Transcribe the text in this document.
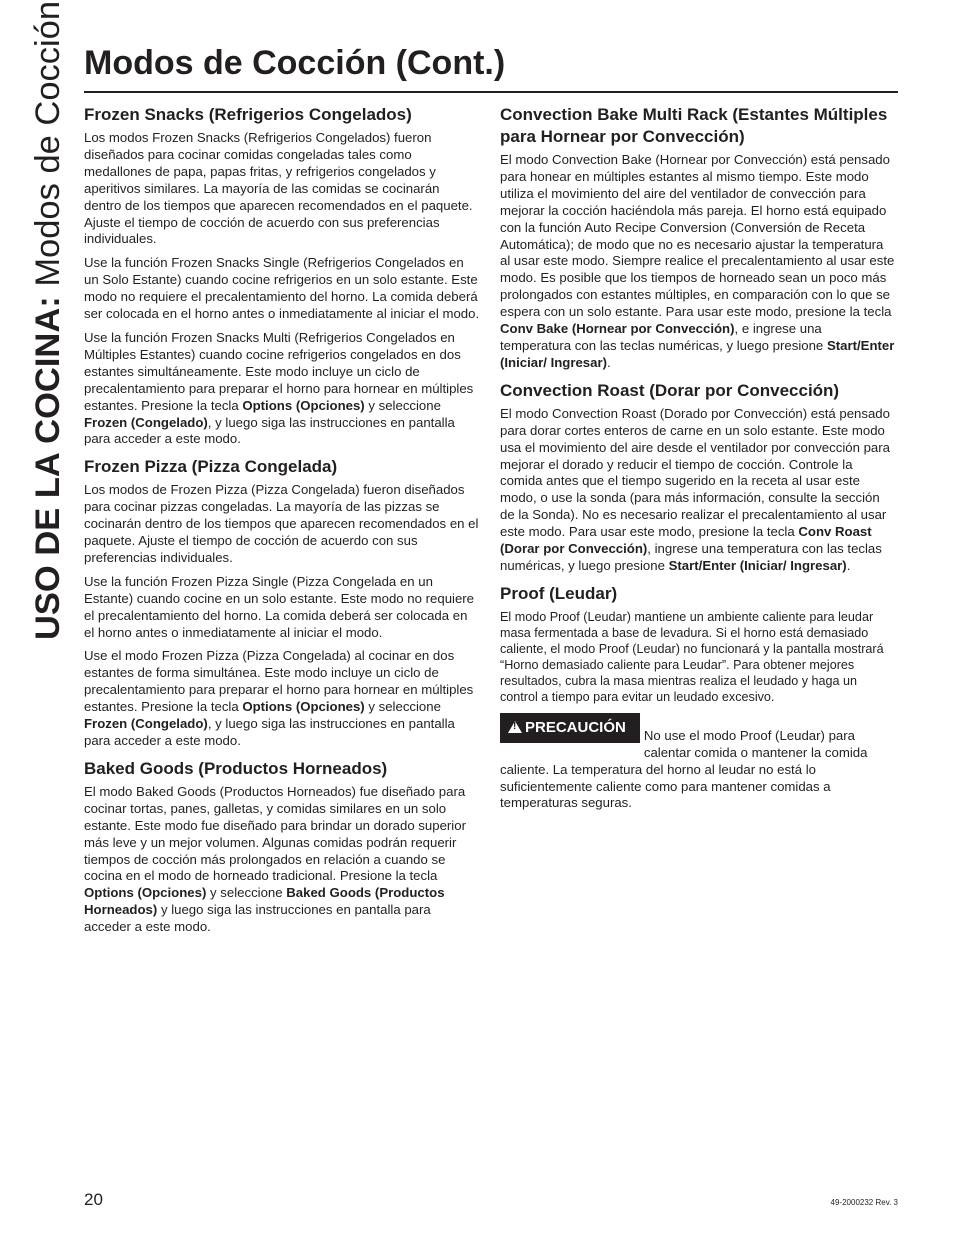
USO DE LA COCINA: Modos de Cocción Modos de Cocción (Cont.)
Frozen Snacks (Refrigerios Congelados)

Los modos Frozen Snacks (Refrigerios Congelados) fueron diseñados para cocinar comidas congeladas tales como medallones de papa, papas fritas, y refrigerios congelados y aperitivos similares. La mayoría de las comidas se cocinarán dentro de los tiempos que aparecen recomendados en el paquete. Ajuste el tiempo de cocción de acuerdo con sus preferencias individuales.

Use la función Frozen Snacks Single (Refrigerios Congelados en un Solo Estante) cuando cocine refrigerios en un solo estante. Este modo no requiere el precalentamiento del horno. La comida deberá ser colocada en el horno antes o inmediatamente al iniciar el modo.

Use la función Frozen Snacks Multi (Refrigerios Congelados en Múltiples Estantes) cuando cocine refrigerios congelados en dos estantes simultáneamente. Este modo incluye un ciclo de precalentamiento para preparar el horno para hornear en múltiples estantes. Presione la tecla Options (Opciones) y seleccione Frozen (Congelado), y luego siga las instrucciones en pantalla para acceder a este modo.

Frozen Pizza (Pizza Congelada)

Los modos de Frozen Pizza (Pizza Congelada) fueron diseñados para cocinar pizzas congeladas. La mayoría de las pizzas se cocinarán dentro de los tiempos que aparecen recomendados en el paquete. Ajuste el tiempo de cocción de acuerdo con sus preferencias individuales.

Use la función Frozen Pizza Single (Pizza Congelada en un Estante) cuando cocine en un solo estante. Este modo no requiere el precalentamiento del horno. La comida deberá ser colocada en el horno antes o inmediatamente al iniciar el modo.

Use el modo Frozen Pizza (Pizza Congelada) al cocinar en dos estantes de forma simultánea. Este modo incluye un ciclo de precalentamiento para preparar el horno para hornear en múltiples estantes. Presione la tecla Options (Opciones) y seleccione Frozen (Congelado), y luego siga las instrucciones en pantalla para acceder a este modo.

Baked Goods (Productos Horneados)

El modo Baked Goods (Productos Horneados) fue diseñado para cocinar tortas, panes, galletas, y comidas similares en un solo estante. Este modo fue diseñado para brindar un dorado superior más leve y un mejor volumen. Algunas comidas podrán requerir tiempos de cocción más prolongados en relación a cuando se cocina en el modo de horneado tradicional. Presione la tecla Options (Opciones) y seleccione Baked Goods (Productos Horneados) y luego siga las instrucciones en pantalla para acceder a este modo.

Convection Bake Multi Rack (Estantes Múltiples para Hornear por Convección)

El modo Convection Bake (Hornear por Convección) está pensado para honear en múltiples estantes al mismo tiempo. Este modo utiliza el movimiento del aire del ventilador de convección para mejorar la cocción haciéndola más pareja. El horno está equipado con la función Auto Recipe Conversion (Conversión de Receta Automática); de modo que no es necesario ajustar la temperatura al usar este modo. Siempre realice el precalentamiento al usar este modo. Es posible que los tiempos de horneado sean un poco más prolongados con estantes múltiples, en comparación con lo que se espera con un solo estante. Para usar este modo, presione la tecla Conv Bake (Hornear por Convección), e ingrese una temperatura con las teclas numéricas, y luego presione Start/Enter (Iniciar/ Ingresar).

Convection Roast (Dorar por Convección)

El modo Convection Roast (Dorado por Convección) está pensado para dorar cortes enteros de carne en un solo estante. Este modo usa el movimiento del aire desde el ventilador por convección para mejorar el dorado y reducir el tiempo de cocción. Controle la comida antes que el tiempo sugerido en la receta al usar este modo, o use la sonda (para más información, consulte la sección de la Sonda). No es necesario realizar el precalentamiento al usar este modo. Para usar este modo, presione la tecla Conv Roast (Dorar por Convección), ingrese una temperatura con las teclas numéricas, y luego presione Start/Enter (Iniciar/ Ingresar).

Proof (Leudar)

El modo Proof (Leudar) mantiene un ambiente caliente para leudar masa fermentada a base de levadura. Si el horno está demasiado caliente, el modo Proof (Leudar) no funcionará y la pantalla mostrará “Horno demasiado caliente para Leudar”. Para obtener mejores resultados, cubra la masa mientras realiza el leudado y haga un control a tiempo para evitar un leudado excesivo.

!PRECAUCIÓN	No use el modo Proof (Leudar) para calentar comida o mantener la comida caliente. La temperatura del horno al leudar no está lo suficientemente caliente como para mantener comidas a temperaturas seguras.

20	49-2000232 Rev. 3
